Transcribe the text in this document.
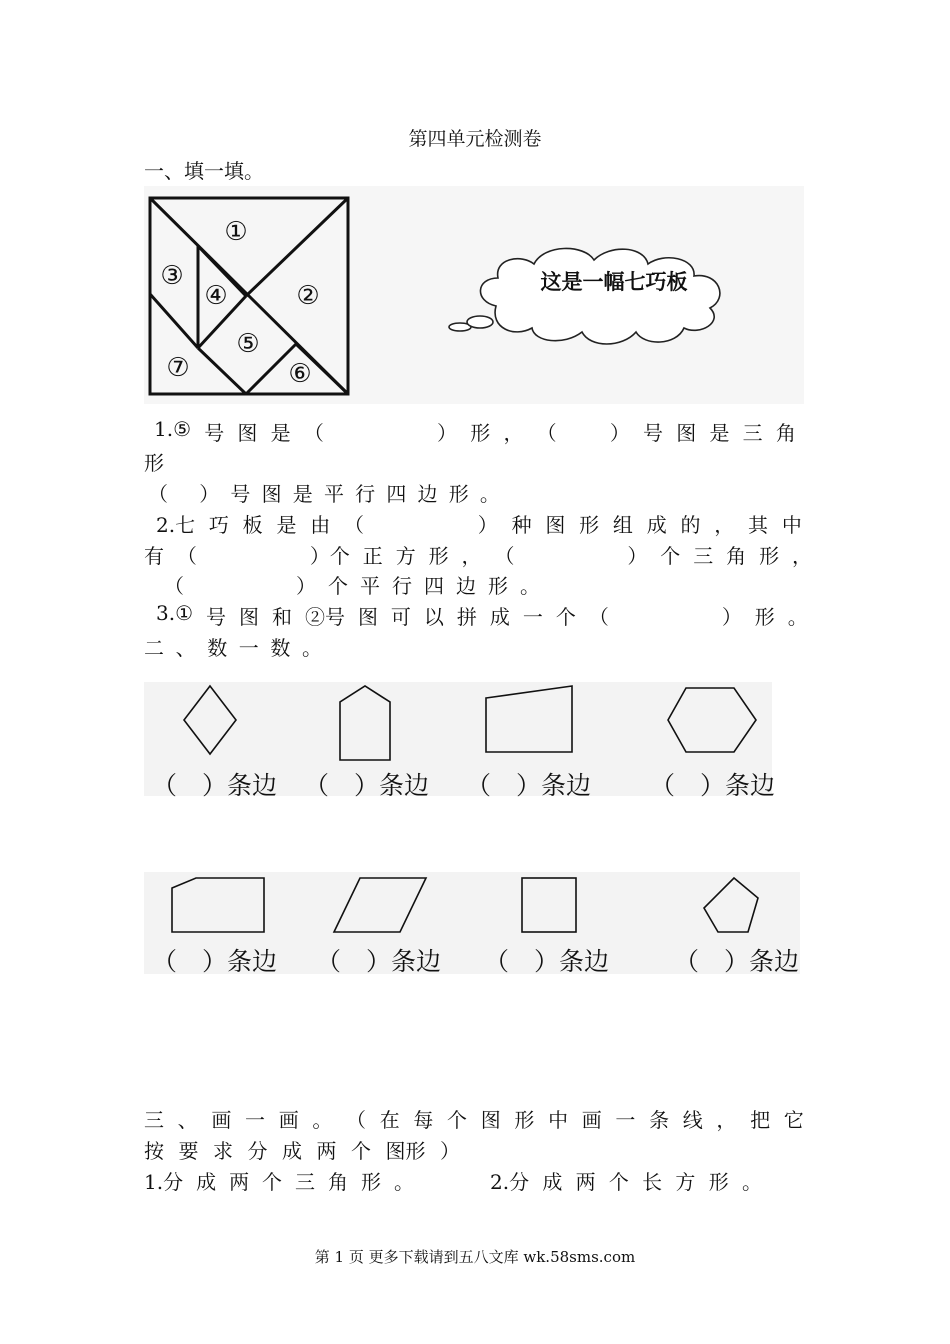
第四单元检测卷
一、填一填。
①
②
③
④
⑤
⑥
⑦
这是一幅七巧板
1.⑤ 号 图 是 （	） 形 ， （	） 号 图 是 三 角
形
（ ） 号 图 是 平 行 四 边 形 。
2.七 巧 板 是 由 （	） 种 图 形 组 成 的 ， 其 中
有 （	）个 正 方 形 ， （	） 个 三 角 形 ，
（	） 个 平 行 四 边 形 。
3.① 号 图 和 ②号 图 可 以 拼 成 一 个 （	） 形 。
二 、 数 一 数 。
（　）条边 （　）条边 （　）条边 （　）条边
（　）条边 （　）条边 （　）条边	（　）条边
三 、 画 一 画 。 （ 在 每 个 图 形 中 画 一 条 线 ， 把 它
按 要 求 分 成 两 个 图形 ）
1.分 成 两 个 三 角 形 。	2.分 成 两 个 长 方 形 。
第 1 页 更多下载请到五八文库 wk.58sms.com
